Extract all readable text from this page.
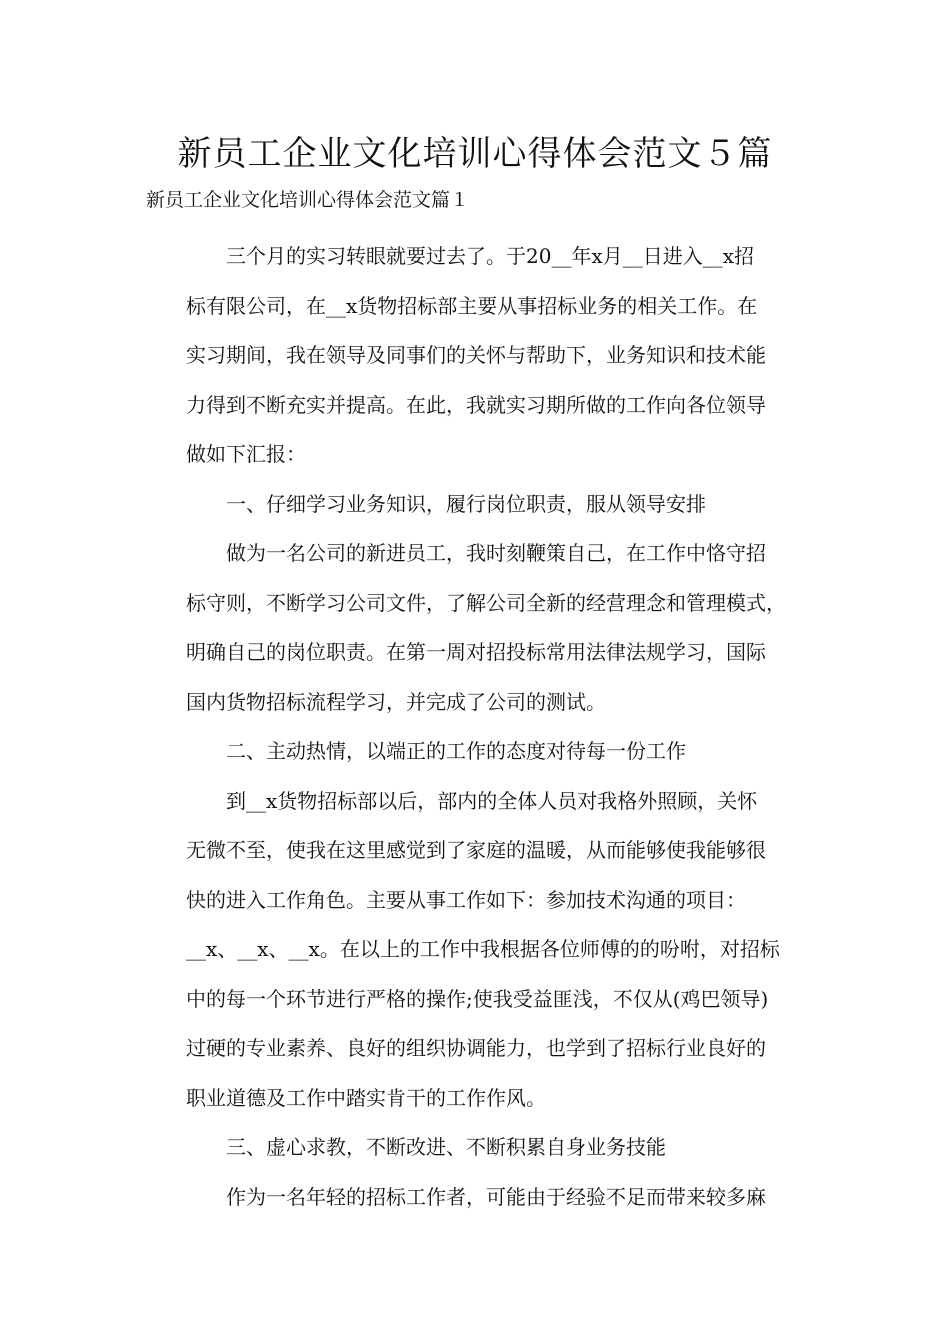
新员工企业文化培训心得体会范文５篇
新员工企业文化培训心得体会范文篇１
三个月的实习转眼就要过去了。于20__年x月__日进入__x招
标有限公司，在__x货物招标部主要从事招标业务的相关工作。在
实习期间，我在领导及同事们的关怀与帮助下，业务知识和技术能
力得到不断充实并提高。在此，我就实习期所做的工作向各位领导
做如下汇报：
一、仔细学习业务知识，履行岗位职责，服从领导安排
做为一名公司的新进员工，我时刻鞭策自己，在工作中恪守招
标守则，不断学习公司文件，了解公司全新的经营理念和管理模式，
明确自己的岗位职责。在第一周对招投标常用法律法规学习，国际
国内货物招标流程学习，并完成了公司的测试。
二、主动热情，以端正的工作的态度对待每一份工作
到__x货物招标部以后，部内的全体人员对我格外照顾，关怀
无微不至，使我在这里感觉到了家庭的温暖，从而能够使我能够很
快的进入工作角色。主要从事工作如下：参加技术沟通的项目：
__x、__x、__x。在以上的工作中我根据各位师傅的的吩咐，对招标
中的每一个环节进行严格的操作;使我受益匪浅，不仅从(鸡巴领导)
过硬的专业素养、良好的组织协调能力，也学到了招标行业良好的
职业道德及工作中踏实肯干的工作作风。
三、虚心求教，不断改进、不断积累自身业务技能
作为一名年轻的招标工作者，可能由于经验不足而带来较多麻
